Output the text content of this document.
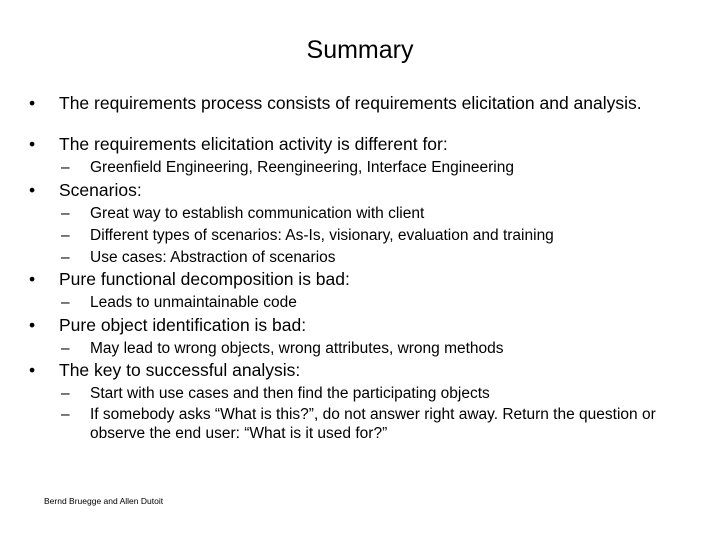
Summary
• The requirements process consists of requirements elicitation and analysis.
• The requirements elicitation activity is different for:
– Greenfield Engineering, Reengineering, Interface Engineering
• Scenarios:
– Great way to establish communication with client
– Different types of scenarios: As-Is, visionary, evaluation and training
– Use cases: Abstraction of scenarios
• Pure functional decomposition is bad:
– Leads to unmaintainable code
• Pure object identification is bad:
– May lead to wrong objects, wrong attributes, wrong methods
• The key to successful analysis:
– Start with use cases and then find the participating objects
– If somebody asks “What is this?”, do not answer right away. Return the question or observe the end user: “What is it used for?”
Bernd Bruegge and Allen Dutoit
